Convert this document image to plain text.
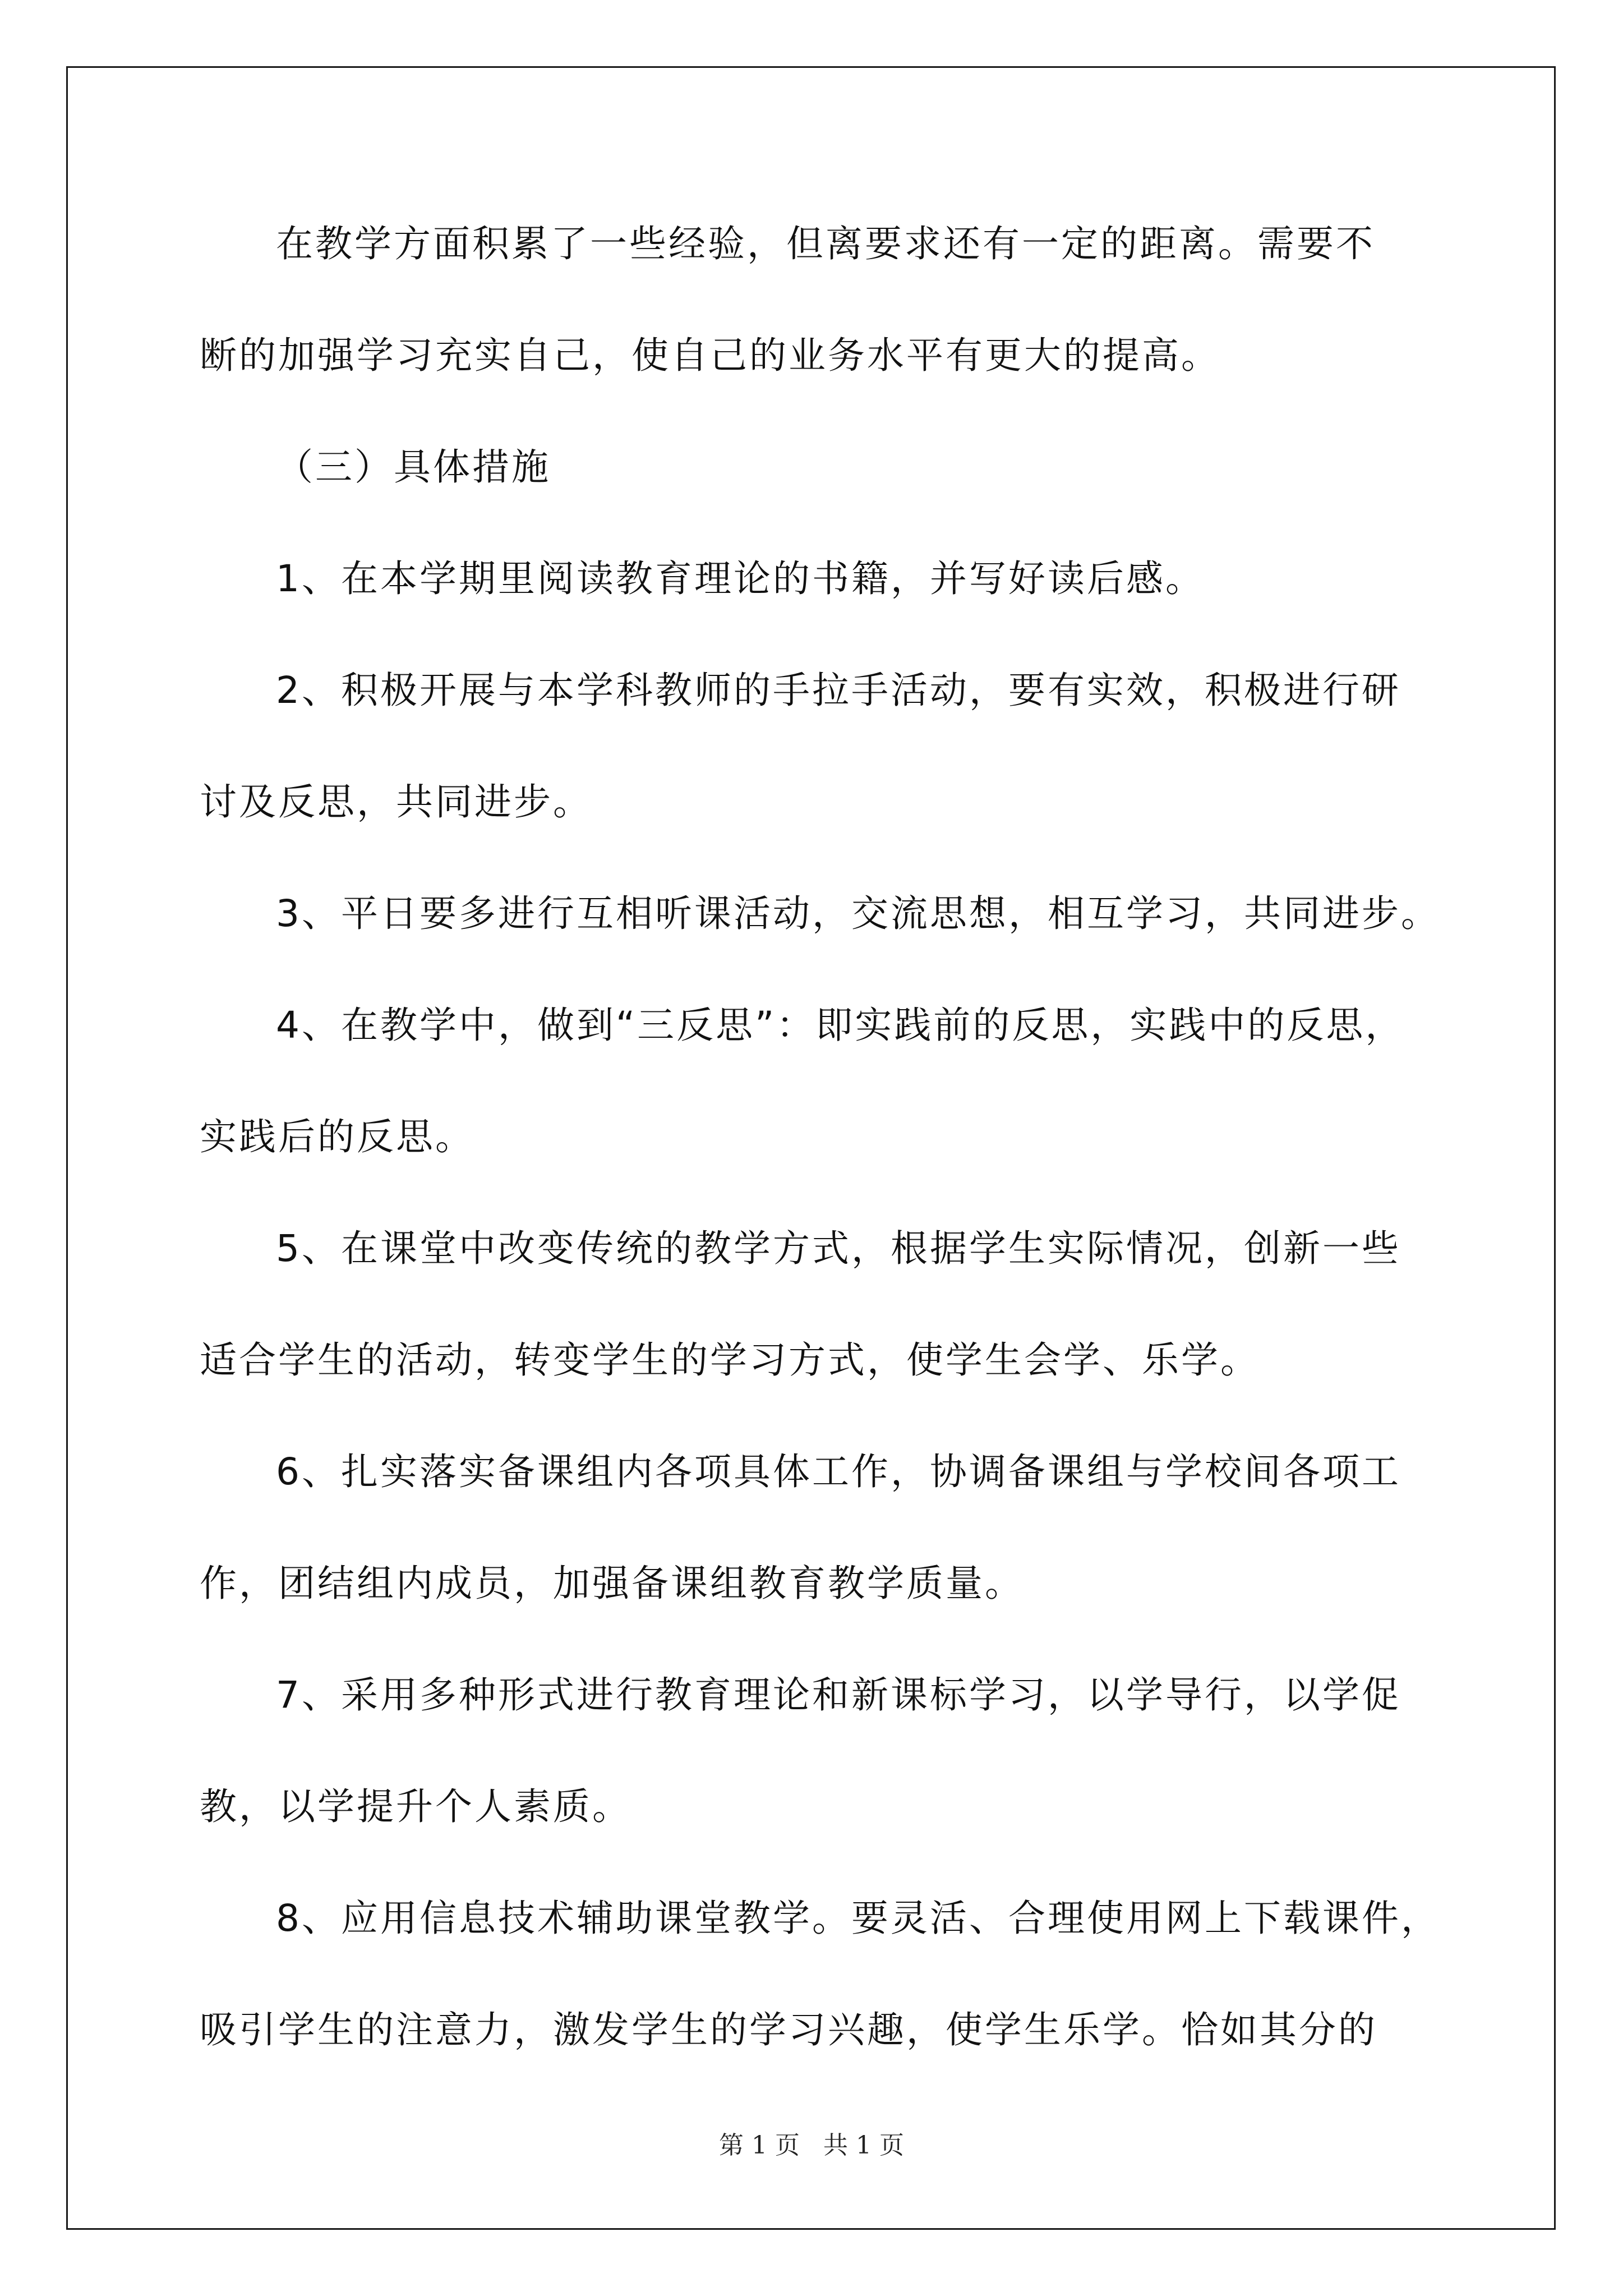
在教学方面积累了一些经验，但离要求还有一定的距离。需要不
断的加强学习充实自己，使自己的业务水平有更大的提高。
（三）具体措施
1、在本学期里阅读教育理论的书籍，并写好读后感。
2、积极开展与本学科教师的手拉手活动，要有实效，积极进行研
讨及反思，共同进步。
3、平日要多进行互相听课活动，交流思想，相互学习，共同进步。
4、在教学中，做到“三反思”：即实践前的反思，实践中的反思，
实践后的反思。
5、在课堂中改变传统的教学方式，根据学生实际情况，创新一些
适合学生的活动，转变学生的学习方式，使学生会学、乐学。
6、扎实落实备课组内各项具体工作，协调备课组与学校间各项工
作，团结组内成员，加强备课组教育教学质量。
7、采用多种形式进行教育理论和新课标学习，以学导行，以学促
教，以学提升个人素质。
8、应用信息技术辅助课堂教学。要灵活、合理使用网上下载课件，
吸引学生的注意力，激发学生的学习兴趣，使学生乐学。恰如其分的
第 1 页   共 1 页
